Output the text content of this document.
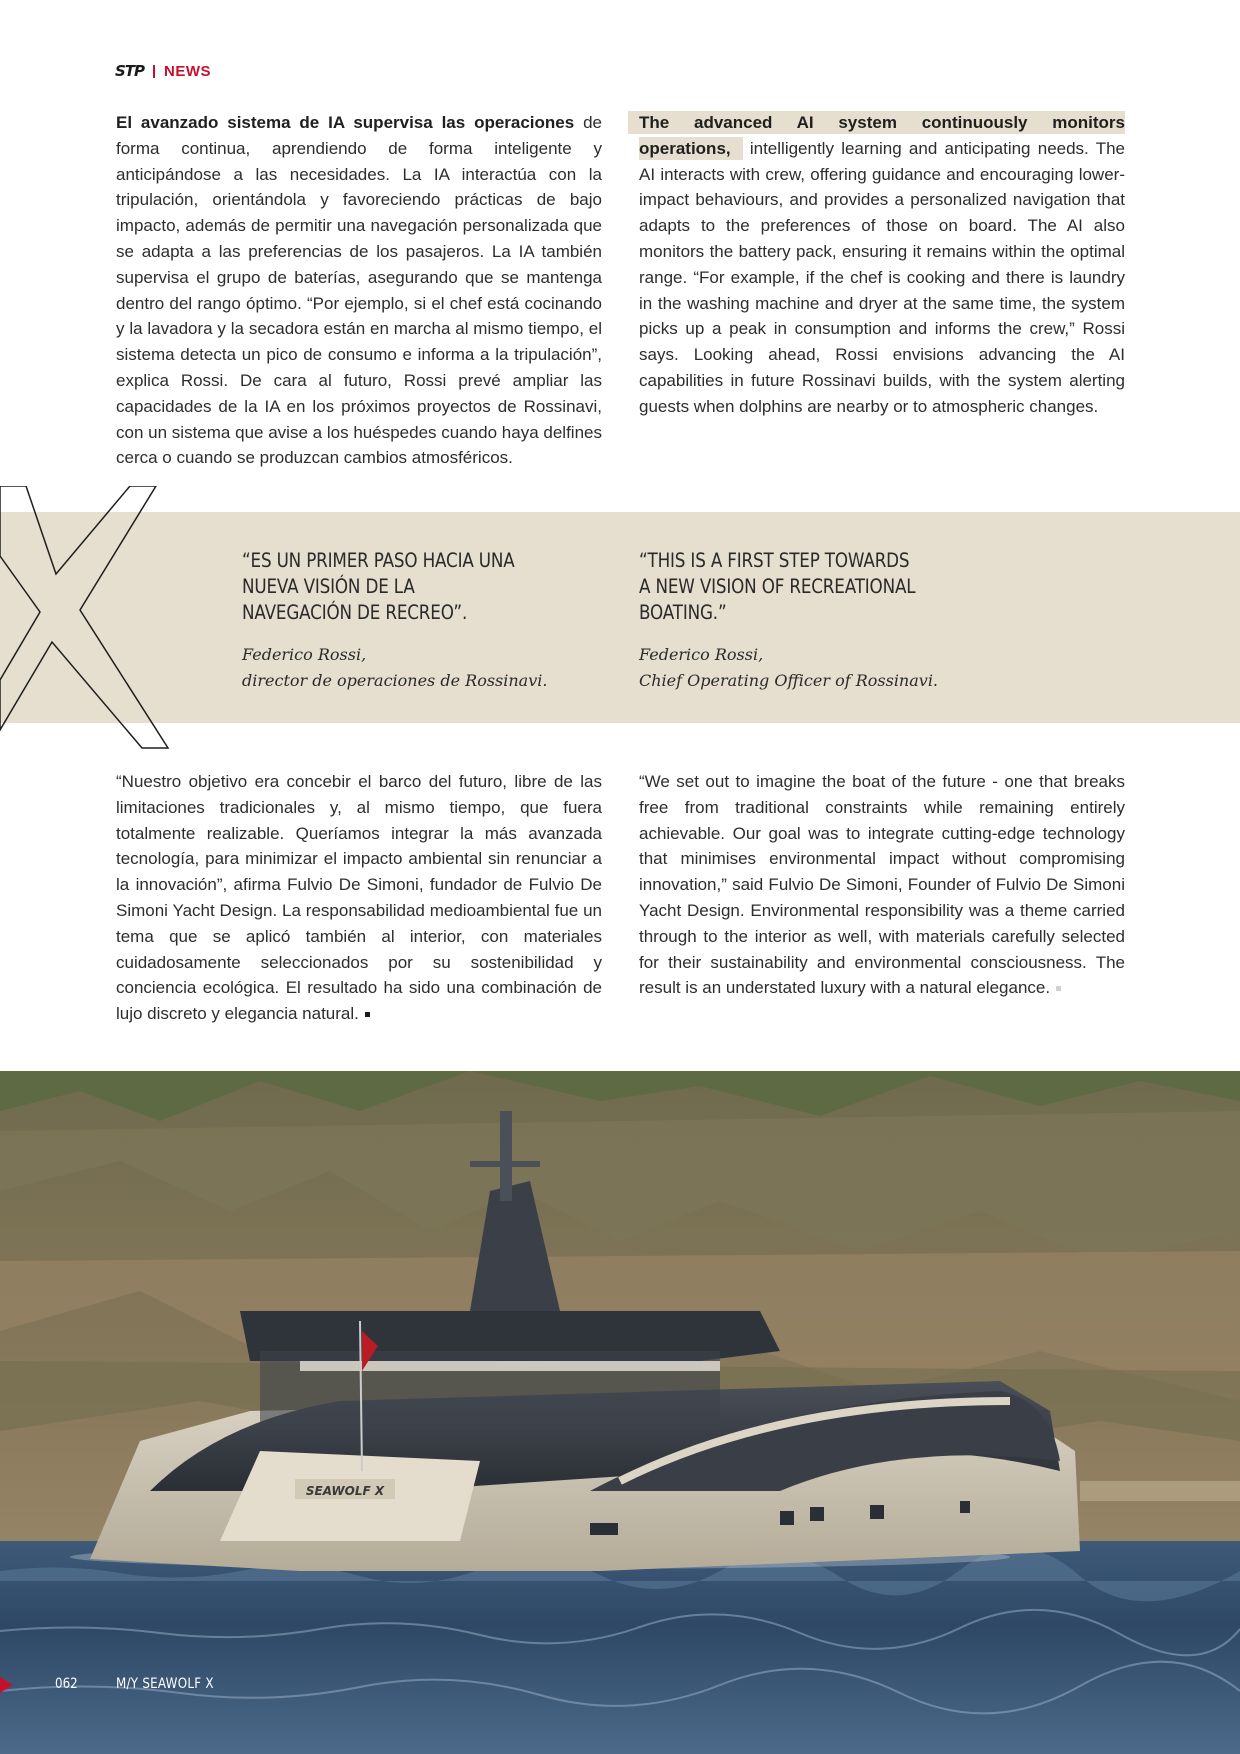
STP NEWS
El avanzado sistema de IA supervisa las operaciones de forma continua, aprendiendo de forma inteligente y anticipándose a las necesidades. La IA interactúa con la tripulación, orientándola y favoreciendo prácticas de bajo impacto, además de permitir una navegación personalizada que se adapta a las preferencias de los pasajeros. La IA también supervisa el grupo de baterías, asegurando que se mantenga dentro del rango óptimo. “Por ejemplo, si el chef está cocinando y la lavadora y la secadora están en marcha al mismo tiempo, el sistema detecta un pico de consumo e informa a la tripulación”, explica Rossi. De cara al futuro, Rossi prevé ampliar las capacidades de la IA en los próximos proyectos de Rossinavi, con un sistema que avise a los huéspedes cuando haya delfines cerca o cuando se produzcan cambios atmosféricos.
The advanced AI system continuously monitors operations, intelligently learning and anticipating needs. The AI interacts with crew, offering guidance and encouraging lower-impact behaviours, and provides a personalized navigation that adapts to the preferences of those on board. The AI also monitors the battery pack, ensuring it remains within the optimal range. “For example, if the chef is cooking and there is laundry in the washing machine and dryer at the same time, the system picks up a peak in consumption and informs the crew,” Rossi says. Looking ahead, Rossi envisions advancing the AI capabilities in future Rossinavi builds, with the system alerting guests when dolphins are nearby or to atmospheric changes.
“ES UN PRIMER PASO HACIA UNA NUEVA VISIÓN DE LA NAVEGACIÓN DE RECREO”.
Federico Rossi,
director de operaciones de Rossinavi.
“THIS IS A FIRST STEP TOWARDS A NEW VISION OF RECREATIONAL BOATING.”
Federico Rossi,
Chief Operating Officer of Rossinavi.
“Nuestro objetivo era concebir el barco del futuro, libre de las limitaciones tradicionales y, al mismo tiempo, que fuera totalmente realizable. Queríamos integrar la más avanzada tecnología, para minimizar el impacto ambiental sin renunciar a la innovación”, afirma Fulvio De Simoni, fundador de Fulvio De Simoni Yacht Design. La responsabilidad medioambiental fue un tema que se aplicó también al interior, con materiales cuidadosamente seleccionados por su sostenibilidad y conciencia ecológica. El resultado ha sido una combinación de lujo discreto y elegancia natural.
“We set out to imagine the boat of the future - one that breaks free from traditional constraints while remaining entirely achievable. Our goal was to integrate cutting-edge technology that minimises environmental impact without compromising innovation,” said Fulvio De Simoni, Founder of Fulvio De Simoni Yacht Design. Environmental responsibility was a theme carried through to the interior as well, with materials carefully selected for their sustainability and environmental consciousness. The result is an understated luxury with a natural elegance.
SEAWOLF X
062	M/Y SEAWOLF X
